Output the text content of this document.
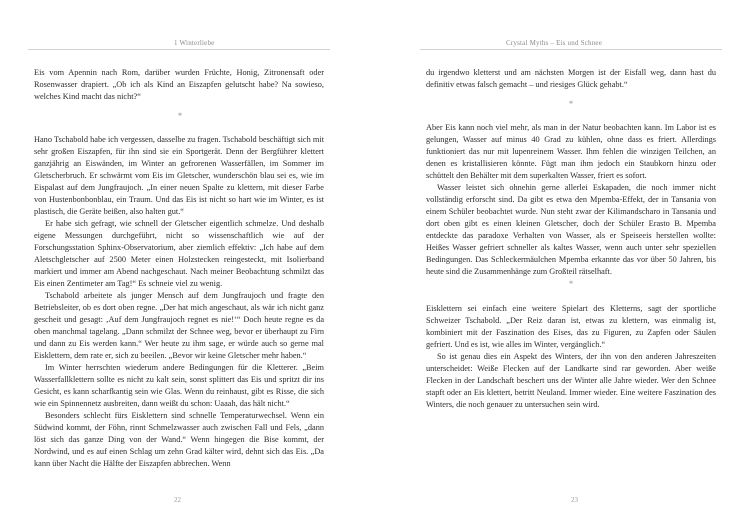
1 Winterliebe

Eis vom Apennin nach Rom, darüber wurden Früchte, Honig, Zitronensaft oder Rosenwasser drapiert. „Ob ich als Kind an Eiszapfen gelutscht habe? Na sowieso, welches Kind macht das nicht?“

*

Hano Tschabold habe ich vergessen, dasselbe zu fragen. Tschabold beschäftigt sich mit sehr großen Eiszapfen, für ihn sind sie ein Sportgerät. Denn der Bergführer klettert ganzjährig an Eiswänden, im Winter an gefrorenen Wasserfällen, im Sommer im Gletscherbruch. Er schwärmt vom Eis im Gletscher, wunderschön blau sei es, wie im Eispalast auf dem Jungfraujoch. „In einer neuen Spalte zu klettern, mit dieser Farbe von Hustenbonbonblau, ein Traum. Und das Eis ist nicht so hart wie im Winter, es ist plastisch, die Geräte beißen, also halten gut.“

Er habe sich gefragt, wie schnell der Gletscher eigentlich schmelze. Und deshalb eigene Messungen durchgeführt, nicht so wissenschaftlich wie auf der Forschungsstation Sphinx-Observatorium, aber ziemlich effektiv: „Ich habe auf dem Aletschgletscher auf 2500 Meter einen Holzstecken reingesteckt, mit Isolierband markiert und immer am Abend nachgeschaut. Nach meiner Beobachtung schmilzt das Eis einen Zentimeter am Tag!“ Es schneie viel zu wenig.

Tschabold arbeitete als junger Mensch auf dem Jungfraujoch und fragte den Betriebsleiter, ob es dort oben regne. „Der hat mich angeschaut, als wär ich nicht ganz gescheit und gesagt: ‚Auf dem Jungfraujoch regnet es nie!‘“ Doch heute regne es da oben manchmal tagelang. „Dann schmilzt der Schnee weg, bevor er überhaupt zu Firn und dann zu Eis werden kann.“ Wer heute zu ihm sage, er würde auch so gerne mal Eisklettern, dem rate er, sich zu beeilen. „Bevor wir keine Gletscher mehr haben.“

Im Winter herrschten wiederum andere Bedingungen für die Kletterer. „Beim Wasserfallklettern sollte es nicht zu kalt sein, sonst splittert das Eis und spritzt dir ins Gesicht, es kann scharfkantig sein wie Glas. Wenn du reinhaust, gibt es Risse, die sich wie ein Spinnennetz ausbreiten, dann weißt du schon: Uaaah, das hält nicht.“

Besonders schlecht fürs Eisklettern sind schnelle Temperaturwechsel. Wenn ein Südwind kommt, der Föhn, rinnt Schmelzwasser auch zwischen Fall und Fels, „dann löst sich das ganze Ding von der Wand.“ Wenn hingegen die Bise kommt, der Nordwind, und es auf einen Schlag um zehn Grad kälter wird, dehnt sich das Eis. „Da kann über Nacht die Hälfte der Eiszapfen abbrechen. Wenn

22
Crystal Myths – Eis und Schnee

du irgendwo kletterst und am nächsten Morgen ist der Eisfall weg, dann hast du definitiv etwas falsch gemacht – und riesiges Glück gehabt.“

*

Aber Eis kann noch viel mehr, als man in der Natur beobachten kann. Im Labor ist es gelungen, Wasser auf minus 40 Grad zu kühlen, ohne dass es friert. Allerdings funktioniert das nur mit lupenreinem Wasser. Ihm fehlen die winzigen Teilchen, an denen es kristallisieren könnte. Fügt man ihm jedoch ein Staubkorn hinzu oder schüttelt den Behälter mit dem superkalten Wasser, friert es sofort.

Wasser leistet sich ohnehin gerne allerlei Eskapaden, die noch immer nicht vollständig erforscht sind. Da gibt es etwa den Mpemba-Effekt, der in Tansania von einem Schüler beobachtet wurde. Nun steht zwar der Kilimandscharo in Tansania und dort oben gibt es einen kleinen Gletscher, doch der Schüler Erasto B. Mpemba entdeckte das paradoxe Verhalten von Wasser, als er Speiseeis herstellen wollte: Heißes Wasser gefriert schneller als kaltes Wasser, wenn auch unter sehr speziellen Bedingungen. Das Schleckermäulchen Mpemba erkannte das vor über 50 Jahren, bis heute sind die Zusammenhänge zum Großteil rätselhaft.

*

Eisklettern sei einfach eine weitere Spielart des Kletterns, sagt der sportliche Schweizer Tschabold. „Der Reiz daran ist, etwas zu klettern, was einmalig ist, kombiniert mit der Faszination des Eises, das zu Figuren, zu Zapfen oder Säulen gefriert. Und es ist, wie alles im Winter, vergänglich.“

So ist genau dies ein Aspekt des Winters, der ihn von den anderen Jahreszeiten unterscheidet: Weiße Flecken auf der Landkarte sind rar geworden. Aber weiße Flecken in der Landschaft beschert uns der Winter alle Jahre wieder. Wer den Schnee stapft oder an Eis klettert, betritt Neuland. Immer wieder. Eine weitere Faszination des Winters, die noch genauer zu untersuchen sein wird.

23
